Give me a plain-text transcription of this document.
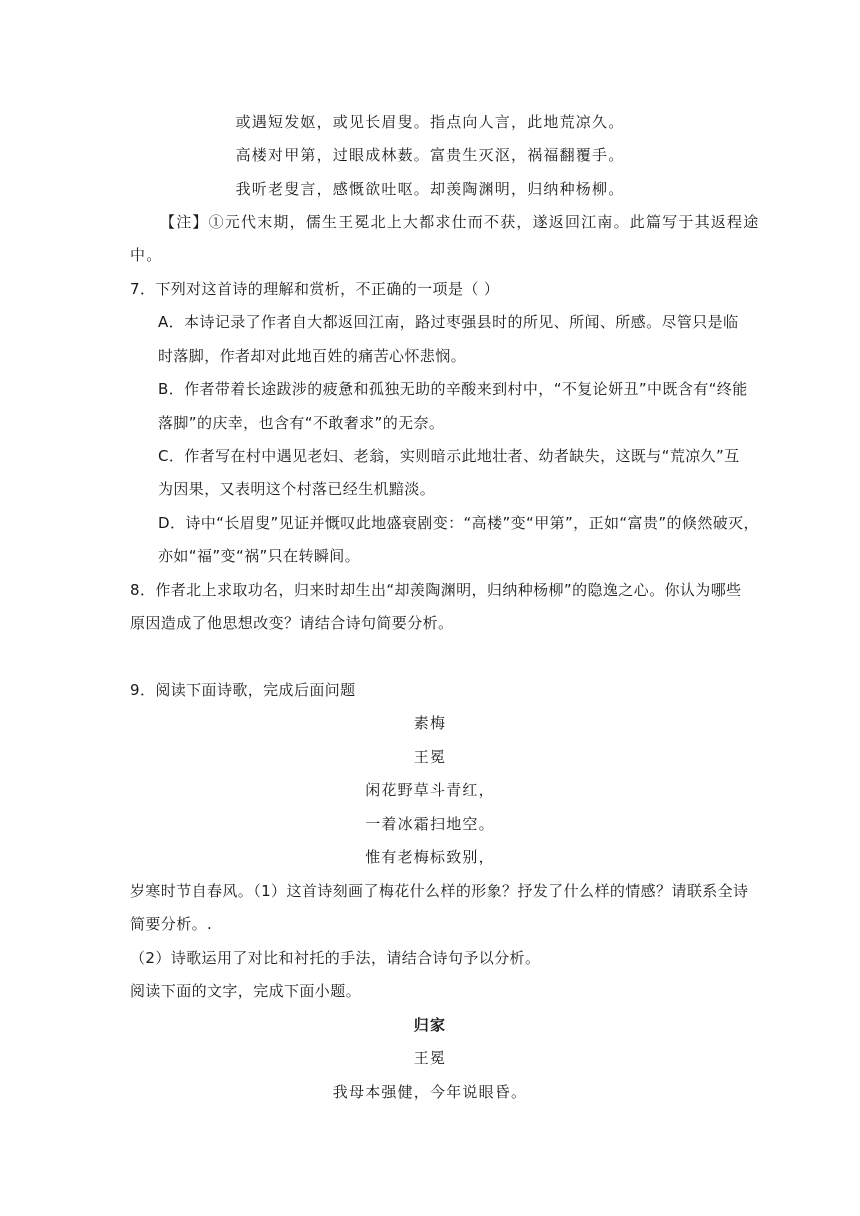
或遇短发妪，或见长眉叟。指点向人言，此地荒凉久。
高楼对甲第，过眼成林薮。富贵生灭沤，祸福翻覆手。
我听老叟言，感慨欲吐呕。却羡陶渊明，归纳种杨柳。
【注】①元代末期，儒生王冕北上大都求仕而不获，遂返回江南。此篇写于其返程途
中。
7．下列对这首诗的理解和赏析，不正确的一项是（ ）
A．本诗记录了作者自大都返回江南，路过枣强县时的所见、所闻、所感。尽管只是临
时落脚，作者却对此地百姓的痛苦心怀悲悯。
B．作者带着长途跋涉的疲惫和孤独无助的辛酸来到村中，“不复论妍丑”中既含有“终能
落脚”的庆幸，也含有“不敢奢求”的无奈。
C．作者写在村中遇见老妇、老翁，实则暗示此地壮者、幼者缺失，这既与“荒凉久”互
为因果，又表明这个村落已经生机黯淡。
D．诗中“长眉叟”见证并慨叹此地盛衰剧变：“高楼”变“甲第”，正如“富贵”的倏然破灭，
亦如“福”变“祸”只在转瞬间。
8．作者北上求取功名，归来时却生出“却羡陶渊明，归纳种杨柳”的隐逸之心。你认为哪些
原因造成了他思想改变？请结合诗句简要分析。
9．阅读下面诗歌，完成后面问题
素梅
王冕
闲花野草斗青红，
一着冰霜扫地空。
惟有老梅标致别，
岁寒时节自春风。（1）这首诗刻画了梅花什么样的形象？抒发了什么样的情感？请联系全诗
简要分析。.
（2）诗歌运用了对比和衬托的手法，请结合诗句予以分析。
阅读下面的文字，完成下面小题。
归家
王冕
我母本强健，今年说眼昏。
